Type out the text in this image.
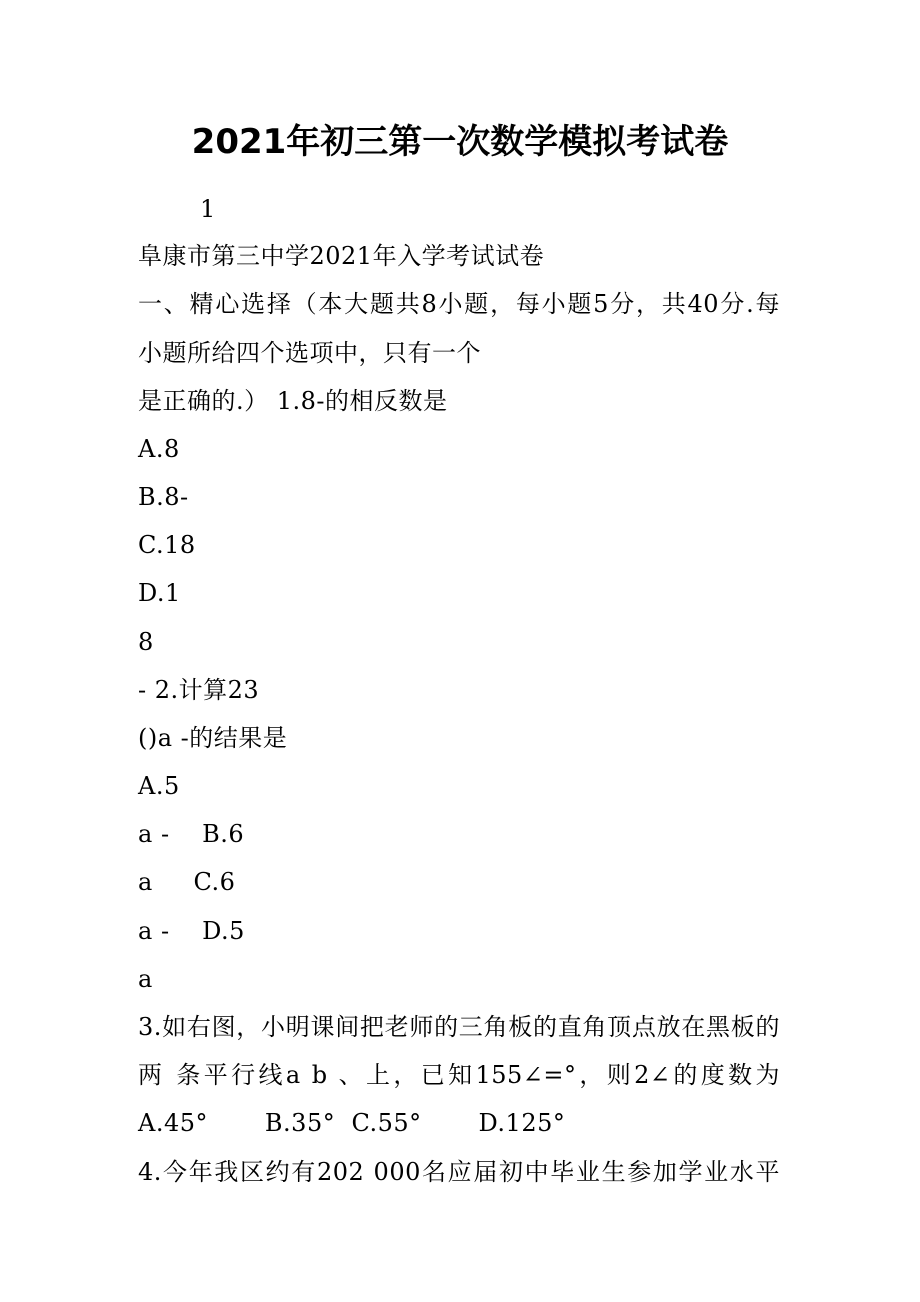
2021年初三第一次数学模拟考试卷
1
阜康市第三中学2021年入学考试试卷
一、精心选择（本大题共8小题，每小题5分，共40分.每
小题所给四个选项中，只有一个
是正确的.） 1.8-的相反数是
A.8
B.8-
C.18
D.1
8
- 2.计算23
()a -的结果是
A.5
a -    B.6
a     C.6
a -    D.5
a
3.如右图，小明课间把老师的三角板的直角顶点放在黑板的
两 条平行线a b 、上，已知155∠=°，则2∠的度数为
A.45°       B.35°  C.55°       D.125°
4.今年我区约有202 000名应届初中毕业生参加学业水平
